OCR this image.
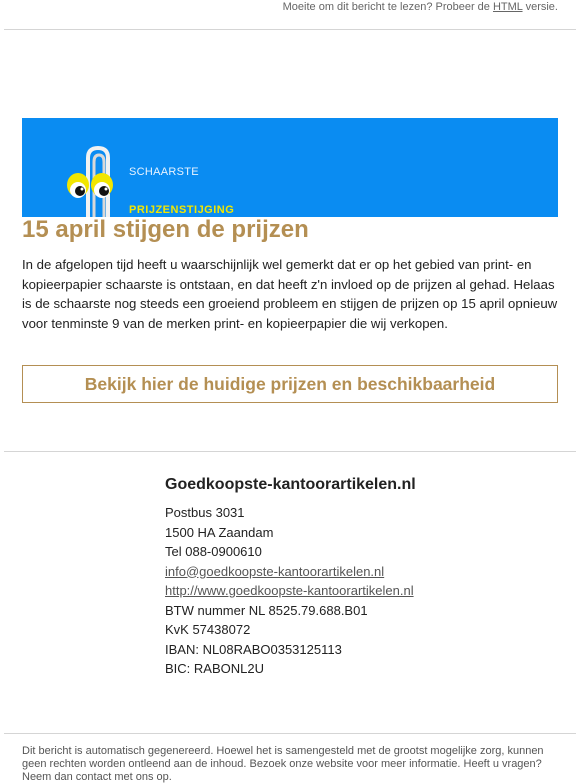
Moeite om dit bericht te lezen? Probeer de HTML versie.
SCHAARSTE
PRIJZENSTIJGING
15 april stijgen de prijzen

In de afgelopen tijd heeft u waarschijnlijk wel gemerkt dat er op het gebied van print- en kopieerpapier schaarste is ontstaan, en dat heeft z'n invloed op de prijzen al gehad. Helaas is de schaarste nog steeds een groeiend probleem en stijgen de prijzen op 15 april opnieuw voor tenminste 9 van de merken print- en kopieerpapier die wij verkopen.

Bekijk hier de huidige prijzen en beschikbaarheid
Goedkoopste-kantoorartikelen.nl
Postbus 3031
1500 HA Zaandam
Tel 088-0900610
info@goedkoopste-kantoorartikelen.nl
http://www.goedkoopste-kantoorartikelen.nl
BTW nummer NL 8525.79.688.B01
KvK 57438072
IBAN: NL08RABO0353125113
BIC: RABONL2U
Dit bericht is automatisch gegenereerd. Hoewel het is samengesteld met de grootst mogelijke zorg, kunnen geen rechten worden ontleend aan de inhoud. Bezoek onze website voor meer informatie. Heeft u vragen? Neem dan contact met ons op.
